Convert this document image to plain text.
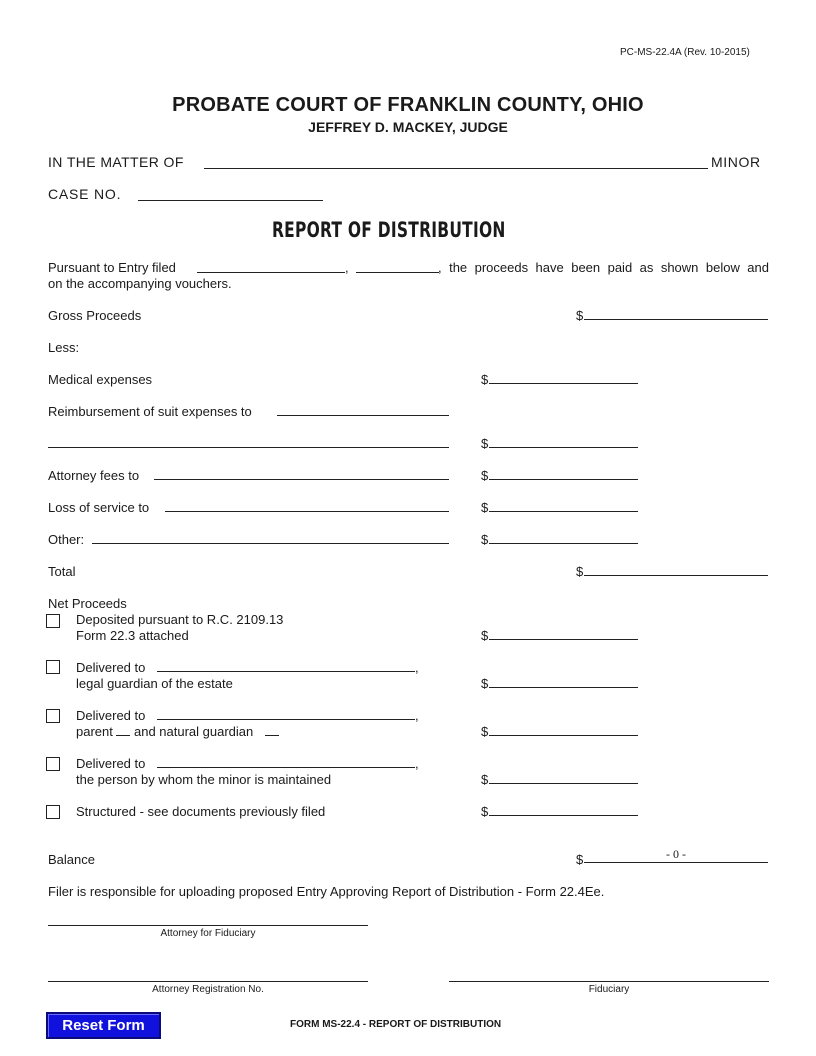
PC-MS-22.4A (Rev. 10-2015)
PROBATE COURT OF FRANKLIN COUNTY, OHIO
JEFFREY D. MACKEY, JUDGE
IN THE MATTER OF	MINOR
CASE NO.
REPORT OF DISTRIBUTION
Pursuant to Entry filed	,	, the proceeds have been paid as shown below and
on the accompanying vouchers.
Gross Proceeds	$
Less:
Medical expenses	$
Reimbursement of suit expenses to
$
Attorney fees to	$
Loss of service to	$
Other:	$
Total	$
Net Proceeds
Deposited pursuant to R.C. 2109.13
Form 22.3 attached	$
Delivered to	,
legal guardian of the estate	$
Delivered to	,
parent and natural guardian	$
Delivered to	,
the person by whom the minor is maintained	$
Structured - see documents previously filed	$
Balance	$	- 0 -
Filer is responsible for uploading proposed Entry Approving Report of Distribution - Form 22.4Ee.
Attorney for Fiduciary
Attorney Registration No.	Fiduciary
Reset Form	FORM MS-22.4 - REPORT OF DISTRIBUTION
